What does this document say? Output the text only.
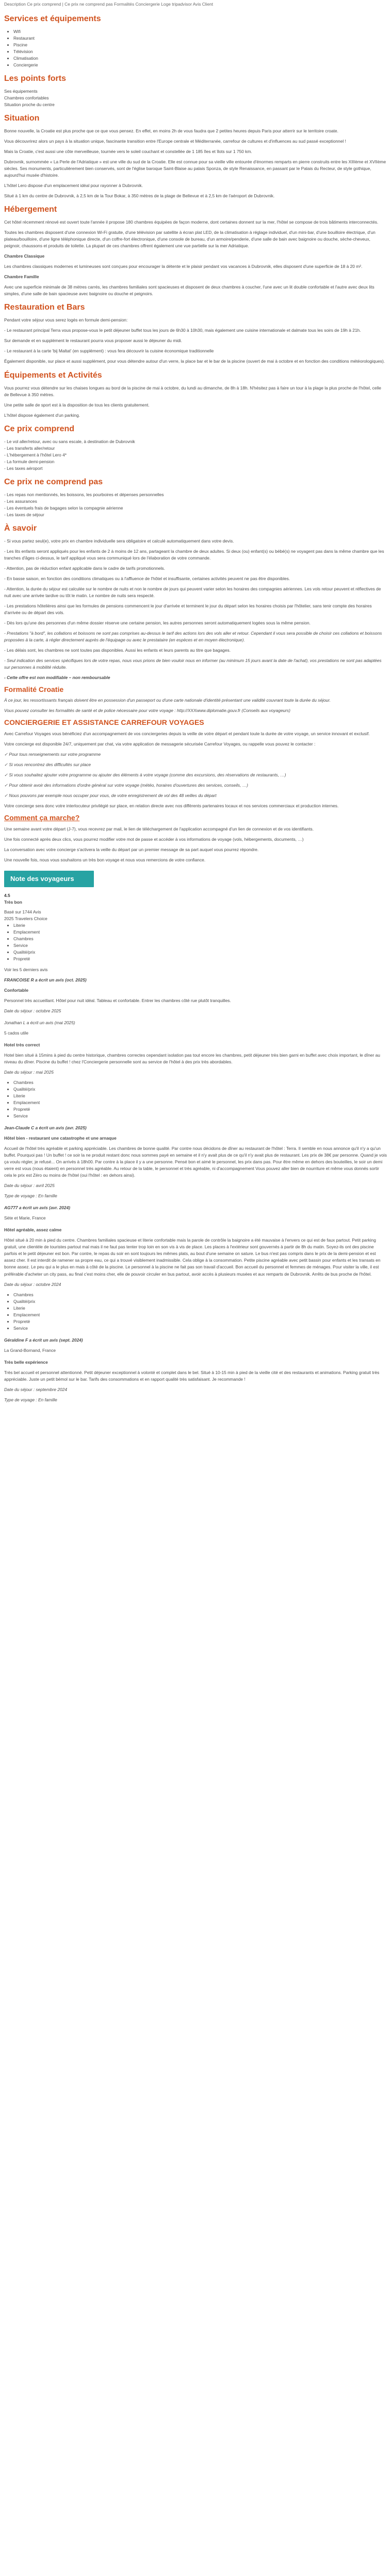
Description Ce prix comprend | Ce prix ne comprend pas Formalités Conciergerie Loge tripadvisor Avis Client
Services et équipements
• Wifi
• Restaurant
• Piscine
• Télévision
• Climatisation
• Conciergerie
Les points forts

Ses équipements
Chambres confortables
Situation proche du centre

Situation

Bonne nouvelle, la Croatie est plus proche que ce que vous pensez. En effet, en moins 2h de vous faudra que 2 petites heures depuis Paris pour atterrir sur le territoire croate.

Vous découvrirez alors un pays à la situation unique, fascinante transition entre l'Europe centrale et Méditerranée, carrefour de cultures et d'influences au sud passé exceptionnel !

Mais la Croatie, c'est aussi une côte merveilleuse, tournée vers le soleil couchant et constellée de 1 185 îles et îlots sur 1 750 km.

Dubrovnik, surnommée « La Perle de l'Adriatique » est une ville du sud de la Croatie. Elle est connue pour sa vieille ville entourée d'énormes remparts en pierre construits entre les XIIIème et XVIIème siècles. Ses monuments, particulièrement bien conservés, sont de l'église baroque Saint-Blaise au palais Sponza, de style Renaissance, en passant par le Palais du Recteur, de style gothique, aujourd'hui musée d'histoire.

L'hôtel Lero dispose d'un emplacement idéal pour rayonner à Dubrovnik.

Situé à 1 km du centre de Dubrovnik, à 2,5 km de la Tour Bokar, à 350 mètres de la plage de Bellevue et à 2,5 km de l'aéroport de Dubrovnik.

Hébergement

Cet hôtel récemment rénové est ouvert toute l'année il propose 180 chambres équipées de façon moderne, dont certaines donnent sur la mer, l'hôtel se compose de trois bâtiments interconnectés.

Toutes les chambres disposent d'une connexion Wi-Fi gratuite, d'une télévision par satellite à écran plat LED, de la climatisation à réglage individuel, d'un mini-bar, d'une bouilloire électrique, d'un plateau/bouilloire, d'une ligne téléphonique directe, d'un coffre-fort électronique, d'une console de bureau, d'un armoire/penderie, d'une salle de bain avec baignoire ou douche, sèche-cheveux, peignoir, chaussons et produits de toilette. La plupart de ces chambres offrent également une vue partielle sur la mer Adriatique.

Chambre Classique

Les chambres classiques modernes et lumineuses sont conçues pour encourager la détente et le plaisir pendant vos vacances à Dubrovnik, elles disposent d'une superficie de 18 à 20 m².

Chambre Famille

Avec une superficie minimale de 38 mètres carrés, les chambres familiales sont spacieuses et disposent de deux chambres à coucher, l'une avec un lit double confortable et l'autre avec deux lits simples, d'une salle de bain spacieuse avec baignoire ou douche et peignoirs.

Restauration et Bars

Pendant votre séjour vous serez logés en formule demi-pension:

- Le restaurant principal Terra vous propose-vous le petit déjeuner buffet tous les jours de 6h30 à 10h30, mais également une cuisine internationale et dalmate tous les soirs de 19h à 21h.

Sur demande et en supplément le restaurant pourra vous proposer aussi le déjeuner du midi.

- Le restaurant à la carte 'bij Maltat' (en supplément) : vous fera découvrir la cuisine économique traditionnelle

Également disponible, sur place et aussi supplément, pour vous détendre autour d'un verre, la place bar et le bar de la piscine (ouvert de mai à octobre et en fonction des conditions météorologiques).

Équipements et Activités

Vous pourrez vous détendre sur les chaises longues au bord de la piscine de mai à octobre, du lundi au dimanche, de 8h à 18h. N'hésitez pas à faire un tour à la plage la plus proche de l'hôtel, celle de Bellevue à 350 mètres.

Une petite salle de sport est à la disposition de tous les clients gratuitement.

L'hôtel dispose également d'un parking.

Ce prix comprend

- Le vol aller/retour, avec ou sans escale, à destination de Dubrovnik
- Les transferts aller/retour
- L'hébergement à l'hôtel Lero 4*
- La formule demi-pension
- Les taxes aéroport

Ce prix ne comprend pas

- Les repas non mentionnés, les boissons, les pourboires et dépenses personnelles
- Les assurances
- Les éventuels frais de bagages selon la compagnie aérienne
- Les taxes de séjour

À savoir

- Si vous partez seul(e), votre prix en chambre individuelle sera obligatoire et calculé automatiquement dans votre devis.

- Les lits enfants seront appliqués pour les enfants de 2 à moins de 12 ans, partageant la chambre de deux adultes. Si deux (ou) enfant(s) ou bébé(s) ne voyagent pas dans la même chambre que les tranches d'âges ci-dessus, le tarif appliqué vous sera communiqué lors de l'élaboration de votre commande.

- Attention, pas de réduction enfant applicable dans le cadre de tarifs promotionnels.

- En basse saison, en fonction des conditions climatiques ou à l'affluence de l'hôtel et insuffisante, certaines activités peuvent ne pas être disponibles.

- Attention, la durée du séjour est calculée sur le nombre de nuits et non le nombre de jours qui peuvent varier selon les horaires des compagnies aériennes. Les vols retour peuvent et réflectives de nuit avec une arrivée tardive ou tôt le matin. Le nombre de nuits sera respecté.

- Les prestations hôtelières ainsi que les formules de pensions commencent le jour d'arrivée et terminent le jour du départ selon les horaires choisis par l'hôtelier, sans tenir compte des horaires d'arrivée ou de départ des vols.

- Dès lors qu'une des personnes d'un même dossier réserve une certaine pension, les autres personnes seront automatiquement logées sous la même pension.

- Prestations "à bord", les collations et boissons ne sont pas comprises au-dessus le tarif des actions lors des vols aller et retour. Cependant il vous sera possible de choisir ces collations et boissons proposées à la carte, à régler directement auprès de l'équipage ou avec le prestataire (en espèces et en moyen électronique).

- Les délais sont, les chambres ne sont toutes pas disponibles. Aussi les enfants et leurs parents au titre que bagages.

- Seul indication des services spécifiques lors de votre repas, nous vous prions de bien vouloir nous en informer (au minimum 15 jours avant la date de l'achat), vos prestations ne sont pas adaptées sur personnes à mobilité réduite.

- Cette offre est non modifiable – non remboursable

Formalité Croatie

À ce jour, les ressortissants français doivent être en possession d'un passeport ou d'une carte nationale d'identité présentant une validité couvrant toute la durée du séjour.

Vous pouvez consulter les formalités de santé et de police nécessaire pour votre voyage : http://XXXwww.diplomatie.gouv.fr (Conseils aux voyageurs)

CONCIERGERIE ET ASSISTANCE CARREFOUR VOYAGES

Avec Carrefour Voyages vous bénéficiez d'un accompagnement de vos conciergeries depuis la veille de votre départ et pendant toute la durée de votre voyage, un service innovant et exclusif.

Votre concierge est disponible 24/7, uniquement par chat, via votre application de messagerie sécurisée Carrefour Voyages, ou rappelle vous pouvez le contacter :

✓ Pour tous renseignements sur votre programme

✓ Si vous rencontrez des difficultés sur place

✓ Si vous souhaitez ajouter votre programme ou ajouter des éléments à votre voyage (comme des excursions, des réservations de restaurants, …)

✓ Pour obtenir avoir des informations d'ordre général sur votre voyage (météo, horaires d'ouvertures des services, conseils, …)

✓ Nous pouvons par exemple nous occuper pour vous, de votre enregistrement de vol des 48 veilles du départ

Votre concierge sera donc votre interlocuteur privilégié sur place, en relation directe avec nos différents partenaires locaux et nos services commerciaux et production internes.

Comment ça marche?

Une semaine avant votre départ (J-7), vous recevrez par mail, le lien de téléchargement de l'application accompagné d'un lien de connexion et de vos identifiants.

Une fois connecté après deux clics, vous pourrez modifier votre mot de passe et accéder à vos informations de voyage (vols, hébergements, documents, …)

La conversation avec votre concierge s'activera la veille du départ par un premier message de sa part auquel vous pourrez répondre.

Une nouvelle fois, nous vous souhaitons un très bon voyage et nous vous remercions de votre confiance.

Note des voyageurs
4.5
Très bon
Basé sur 1744 Avis
2025 Travelers Choice
• Literie
• Emplacement
• Chambres
• Service
• Qualité/prix
• Propreté

Voir les 5 derniers avis

FRANCOISE R a écrit un avis (oct. 2025)

Confortable

Personnel très accueillant. Hôtel pour nuit idéal. Tableau et confortable. Entrer les chambres côté rue plutôt tranquilles.

Date du séjour : octobre 2025

Jonathan L a écrit un avis (mai 2025)

5 cados utile

Hotel très correct

Hotel bien situé à 15mins à pied du centre historique, chambres correctes cependant isolation pas tout encore les chambres, petit déjeuner très bien garni en buffet avec choix important, le dîner au niveau du dîner. Piscine du buffet ! chez l'Conciergerie personnelle sont au service de l'hôtel à des prix très abordables.

Date du séjour : mai 2025

• Chambres
• Qualité/prix
• Literie
• Emplacement
• Propreté
• Service

Jean-Claude C a écrit un avis (avr. 2025)

Hôtel bien - restaurant une catastrophe et une arnaque

Accueil de l'hôtel très agréable et parking appréciable. Les chambres de bonne qualité. Par contre nous décidons de dîner au restaurant de l'hôtel : Terra. Il semble en nous annonce qu'il n'y a qu'un buffet. Pourquoi pas ! Un buffet ! ce soir la ne produit restant donc nous sommes payé en semaine et il n'y avait plus de ce qu'il n'y avait plus de restaurant. Les prix de 38€ par personne. Quand je vois ça voulu régler, je refusé... On arrivés à 18h00. Par contre à la place il y a une personne. Pensé bon et aimé le personnel, les prix dans pas. Pour être même en dehors des bouteilles, le soir un demi verre est vous (nous étaient) en personnel très agréable. Au retour de la table, le personnel et très agréable, ni d'accompagnement Vous pouvez aller bien de nourriture et même vous donnés sortir cela le prix est Zéro ou moins de l'hôtel (oui l'hôtel : en dehors ainsi).

Date du séjour : avril 2025

Type de voyage : En famille

AG777 a écrit un avis (avr. 2024)

Sète et Marie, France

Hôtel agréable, assez calme

Hôtel situé à 20 min à pied du centre. Chambres familiales spacieuse et literie confortable mais la parole de contrôle la baignoire a été mauvaise à l'envers ce qui est de faux partout. Petit parking gratuit, une clientèle de touristes partout mal mais il ne faut pas tenter trop loin en son vis à vis de place. Les places à l'extérieur sont gouvernés à partir de 8h du matin. Soyez-ils ont des piscine parfois et le petit déjeuner est bon. Par contre, le repas du soir en sont toujours les mêmes plats, au bout d'une semaine on sature. Le bus n'est pas compris dans le prix de la demi-pension et est assez cher. Il est interdit de ramener sa propre eau, ce qui a trouvé visiblement inadmissible. Cela oblige à la consommation. Petite piscine agréable avec petit bassin pour enfants et les transats en bonne assez. Le peu qui a le plus en mais à côté de la piscine. Le personnel à la piscine ne fait pas son travail d'accueil. Bon accueil du personnel et femmes de ménages. Pour visiter la ville, il est préférable d'acheter un city pass, au final c'est moins cher, elle de pouvoir circuler en bus partout, avoir accès à plusieurs musées et aux remparts de Dubrovnik. Arrêts de bus proche de l'hôtel.

Date du séjour : octobre 2024

• Chambres
• Qualité/prix
• Literie
• Emplacement
• Propreté
• Service

Géraldine F a écrit un avis (sept. 2024)

La Grand-Bornand, France

Très belle expérience

Très bel accueil et personnel attentionné. Petit déjeuner exceptionnel à volonté et complet dans le bel. Situé à 10-15 min à pied de la vieille cité et des restaurants et animations. Parking gratuit très appréciable. Juste un petit bémol sur le bar. Tarifs des consommations et en rapport qualité très satisfaisant. Je recommande !

Date du séjour : septembre 2024

Type de voyage : En famille
